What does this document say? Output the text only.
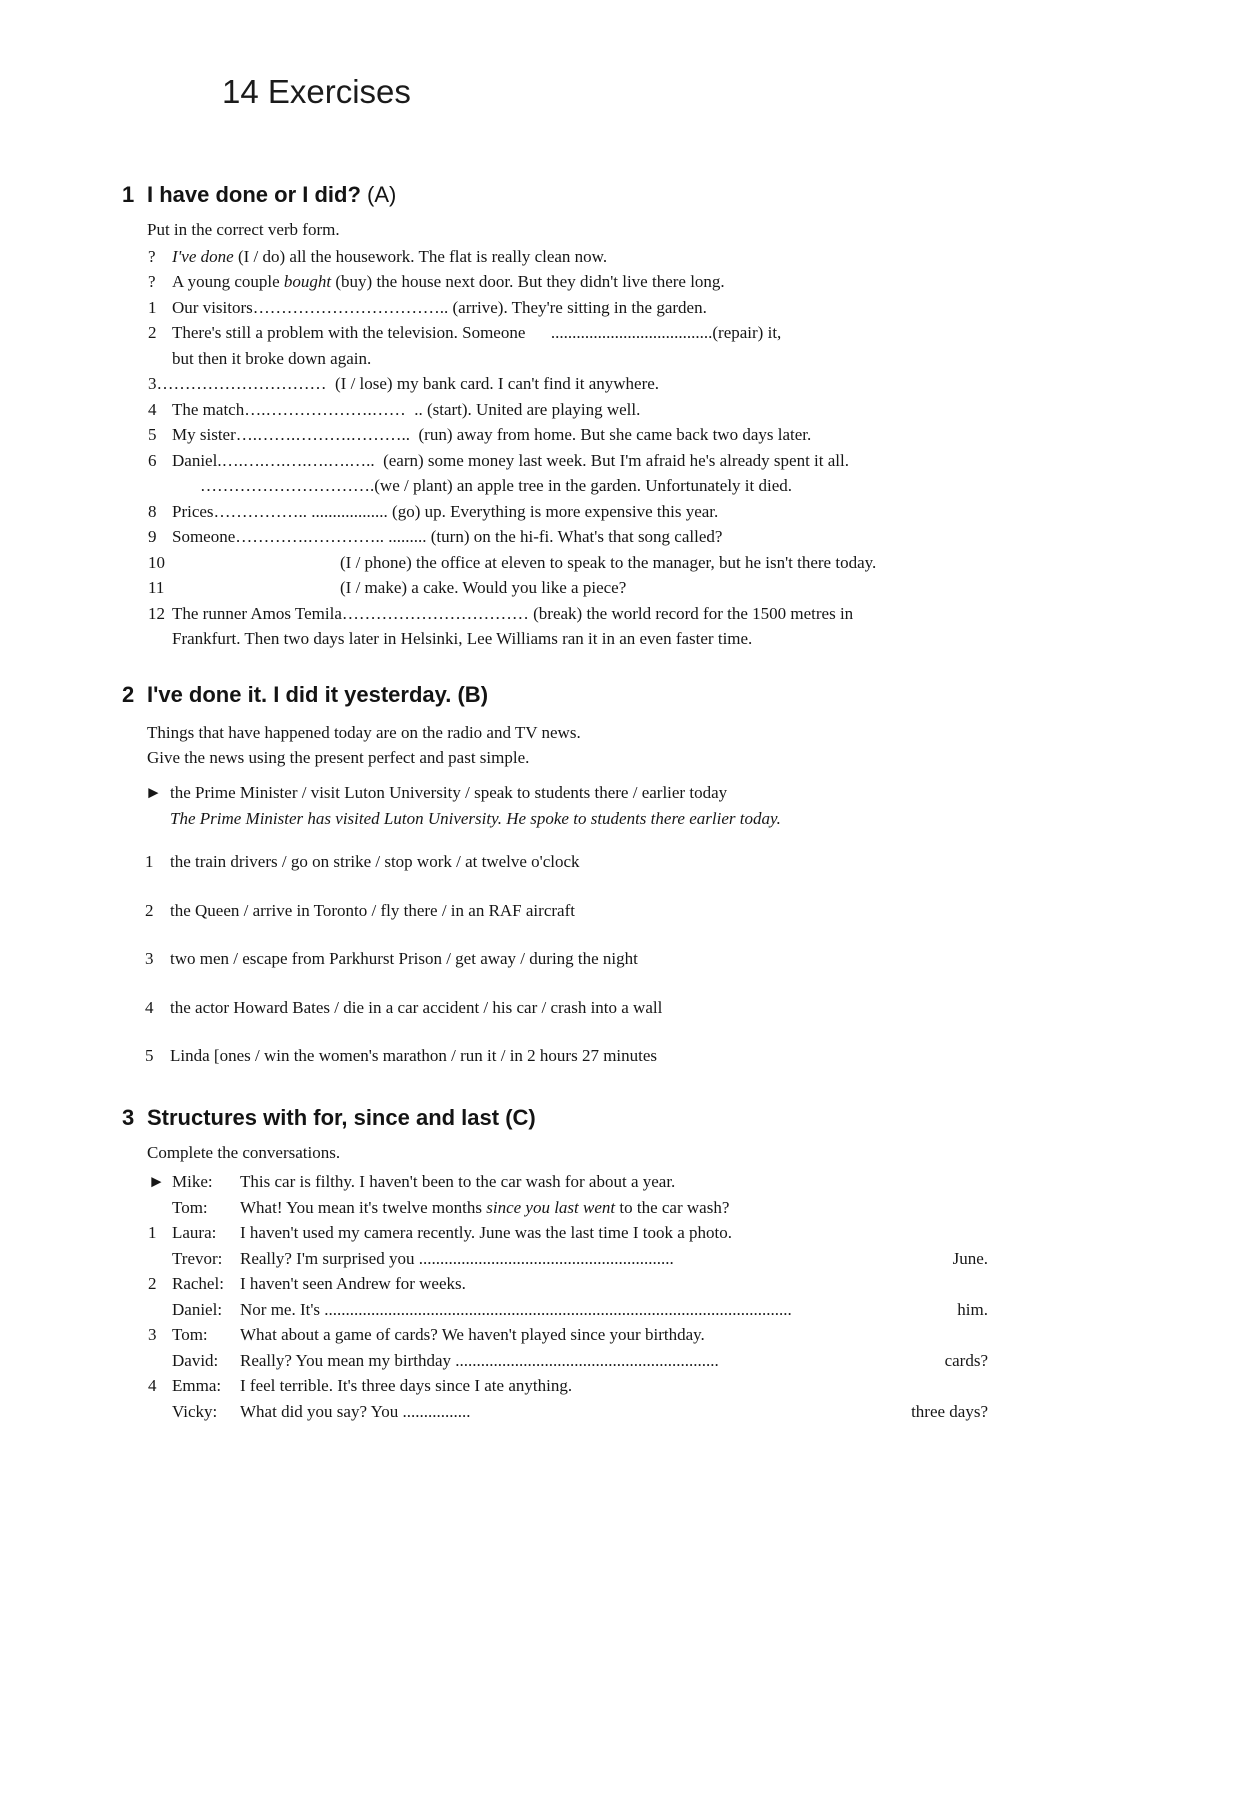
14 Exercises
1 I have done or I did? (A)
Put in the correct verb form.
? I've done (I / do) all the housework. The flat is really clean now.
? A young couple bought (buy) the house next door. But they didn't live there long.
1 Our visitors…………………………….. (arrive). They're sitting in the garden.
2 There's still a problem with the television. Someone      ......................................(repair) it,
but then it broke down again.
3…………………………  (I / lose) my bank card. I can't find it anywhere.
4 The match….……………….……  .. (start). United are playing well.
5 My sister….…….……….………..  (run) away from home. But she came back two days later.
6 Daniel.….….….….….….…..  (earn) some money last week. But I'm afraid he's already spent it all.
………………………….(we / plant) an apple tree in the garden. Unfortunately it died.
8 Prices…………….. .................. (go) up. Everything is more expensive this year.
9 Someone………….………….. ......... (turn) on the hi-fi. What's that song called?
10	(I / phone) the office at eleven to speak to the manager, but he isn't there today.
11	(I / make) a cake. Would you like a piece?
12 The runner Amos Temila…………………………… (break) the world record for the 1500 metres in
Frankfurt. Then two days later in Helsinki, Lee Williams ran it in an even faster time.
2 I've done it. I did it yesterday. (B)
Things that have happened today are on the radio and TV news.
Give the news using the present perfect and past simple.
► the Prime Minister / visit Luton University / speak to students there / earlier today
The Prime Minister has visited Luton University. He spoke to students there earlier today.
1 the train drivers / go on strike / stop work / at twelve o'clock
2 the Queen / arrive in Toronto / fly there / in an RAF aircraft
3 two men / escape from Parkhurst Prison / get away / during the night
4 the actor Howard Bates / die in a car accident / his car / crash into a wall
5 Linda [ones / win the women's marathon / run it / in 2 hours 27 minutes
3 Structures with for, since and last (C)
Complete the conversations.
► Mike:	This car is filthy. I haven't been to the car wash for about a year.
Tom:	What! You mean it's twelve months since you last went to the car wash?
1 Laura:	I haven't used my camera recently. June was the last time I took a photo.
Trevor:	Really? I'm surprised you ............................................................	June.
2 Rachel: I haven't seen Andrew for weeks.
Daniel:	Nor me. It's ..............................................................................................................	him.
3 Tom:	What about a game of cards? We haven't played since your birthday.
David:	Really? You mean my birthday ..............................................................	cards?
4 Emma:	I feel terrible. It's three days since I ate anything.
Vicky:	What did you say? You ................	three days?
